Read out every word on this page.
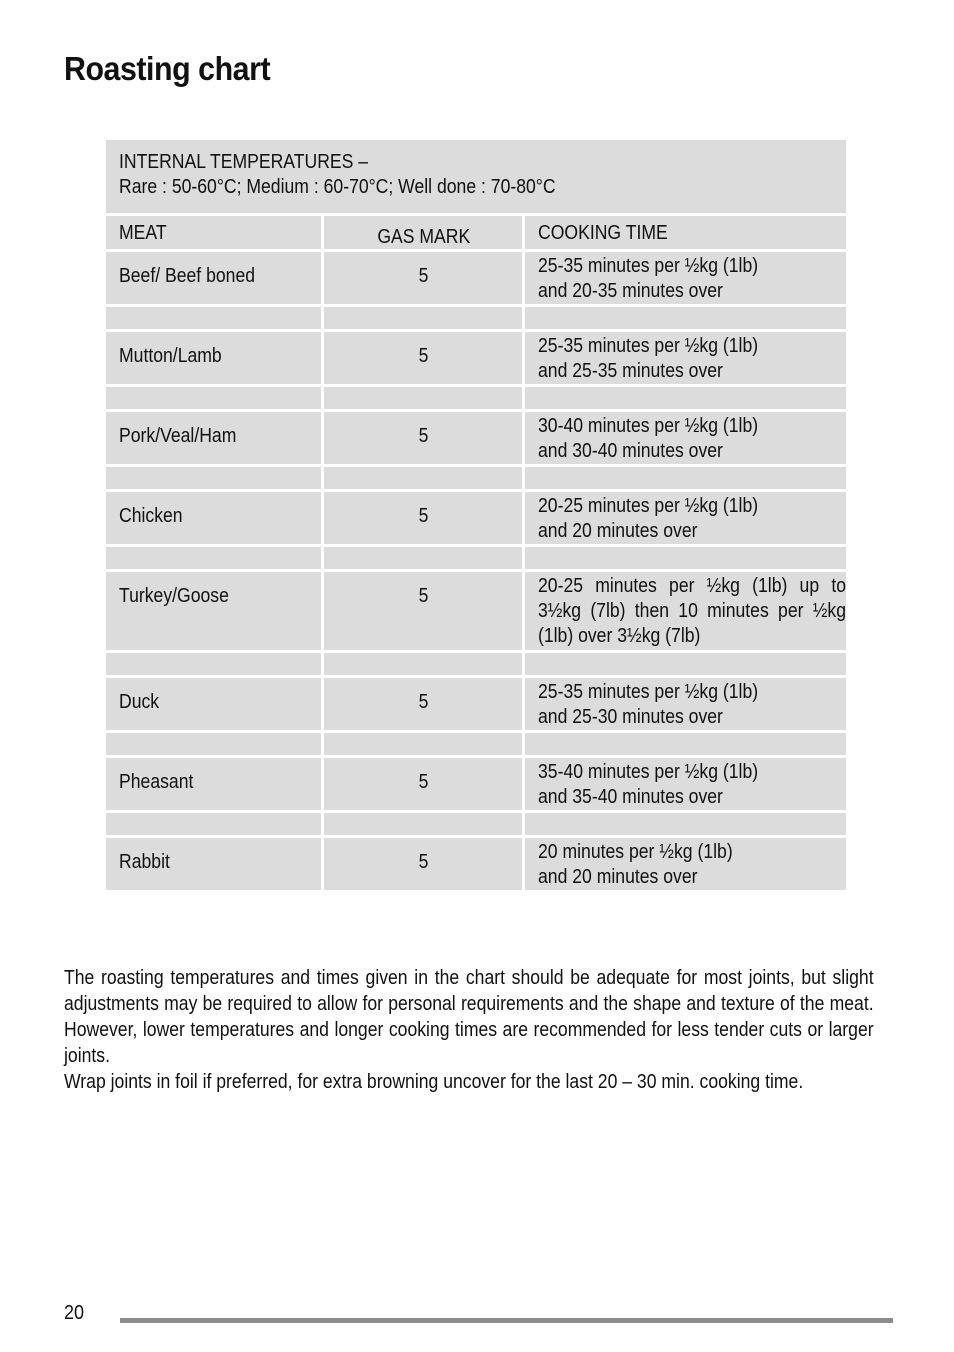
Roasting chart
INTERNAL TEMPERATURES –
Rare : 50-60°C; Medium : 60-70°C; Well done : 70-80°C
MEAT	GAS MARK	COOKING TIME
Beef/ Beef boned	5	25-35 minutes per ½kg (1lb)
and 20-35 minutes over
Mutton/Lamb	5	25-35 minutes per ½kg (1lb)
and 25-35 minutes over
Pork/Veal/Ham	5	30-40 minutes per ½kg (1lb)
and 30-40 minutes over
Chicken	5	20-25 minutes per ½kg (1lb)
and 20 minutes over
Turkey/Goose	5	20-25 minutes per ½kg (1lb) up to 3½kg (7lb) then 10 minutes per ½kg (1lb) over 3½kg (7lb)
Duck	5	25-35 minutes per ½kg (1lb)
and 25-30 minutes over
Pheasant	5	35-40 minutes per ½kg (1lb)
and 35-40 minutes over
Rabbit	5	20 minutes per ½kg (1lb)
and 20 minutes over

The roasting temperatures and times given in the chart should be adequate for most joints, but slight adjustments may be required to allow for personal requirements and the shape and texture of the meat. However, lower temperatures and longer cooking times are recommended for less tender cuts or larger joints.

Wrap joints in foil if preferred, for extra browning uncover for the last 20 – 30 min. cooking time.

20
